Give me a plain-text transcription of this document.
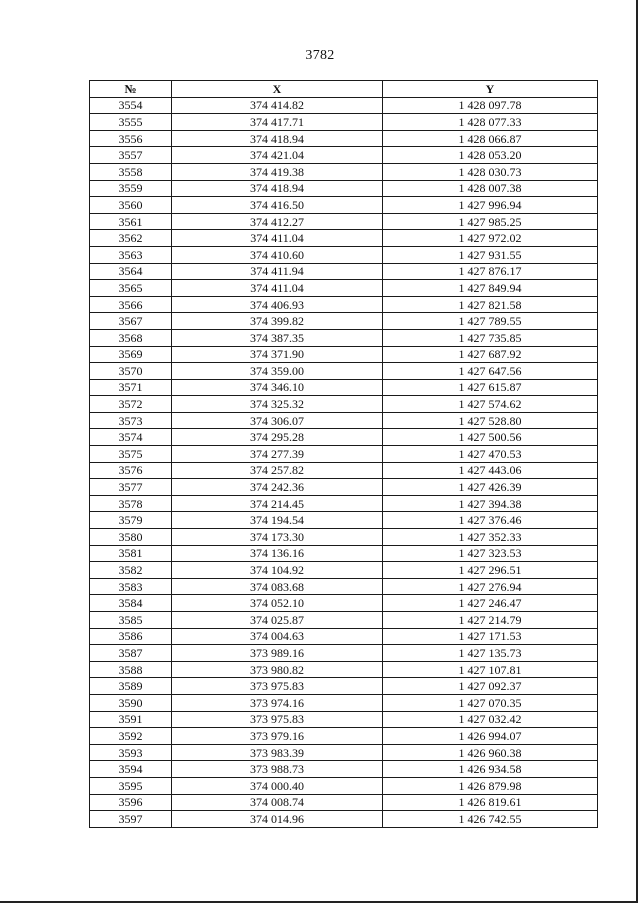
3782
№	X	Y
3554	374 414.82	1 428 097.78
3555	374 417.71	1 428 077.33
3556	374 418.94	1 428 066.87
3557	374 421.04	1 428 053.20
3558	374 419.38	1 428 030.73
3559	374 418.94	1 428 007.38
3560	374 416.50	1 427 996.94
3561	374 412.27	1 427 985.25
3562	374 411.04	1 427 972.02
3563	374 410.60	1 427 931.55
3564	374 411.94	1 427 876.17
3565	374 411.04	1 427 849.94
3566	374 406.93	1 427 821.58
3567	374 399.82	1 427 789.55
3568	374 387.35	1 427 735.85
3569	374 371.90	1 427 687.92
3570	374 359.00	1 427 647.56
3571	374 346.10	1 427 615.87
3572	374 325.32	1 427 574.62
3573	374 306.07	1 427 528.80
3574	374 295.28	1 427 500.56
3575	374 277.39	1 427 470.53
3576	374 257.82	1 427 443.06
3577	374 242.36	1 427 426.39
3578	374 214.45	1 427 394.38
3579	374 194.54	1 427 376.46
3580	374 173.30	1 427 352.33
3581	374 136.16	1 427 323.53
3582	374 104.92	1 427 296.51
3583	374 083.68	1 427 276.94
3584	374 052.10	1 427 246.47
3585	374 025.87	1 427 214.79
3586	374 004.63	1 427 171.53
3587	373 989.16	1 427 135.73
3588	373 980.82	1 427 107.81
3589	373 975.83	1 427 092.37
3590	373 974.16	1 427 070.35
3591	373 975.83	1 427 032.42
3592	373 979.16	1 426 994.07
3593	373 983.39	1 426 960.38
3594	373 988.73	1 426 934.58
3595	374 000.40	1 426 879.98
3596	374 008.74	1 426 819.61
3597	374 014.96	1 426 742.55
